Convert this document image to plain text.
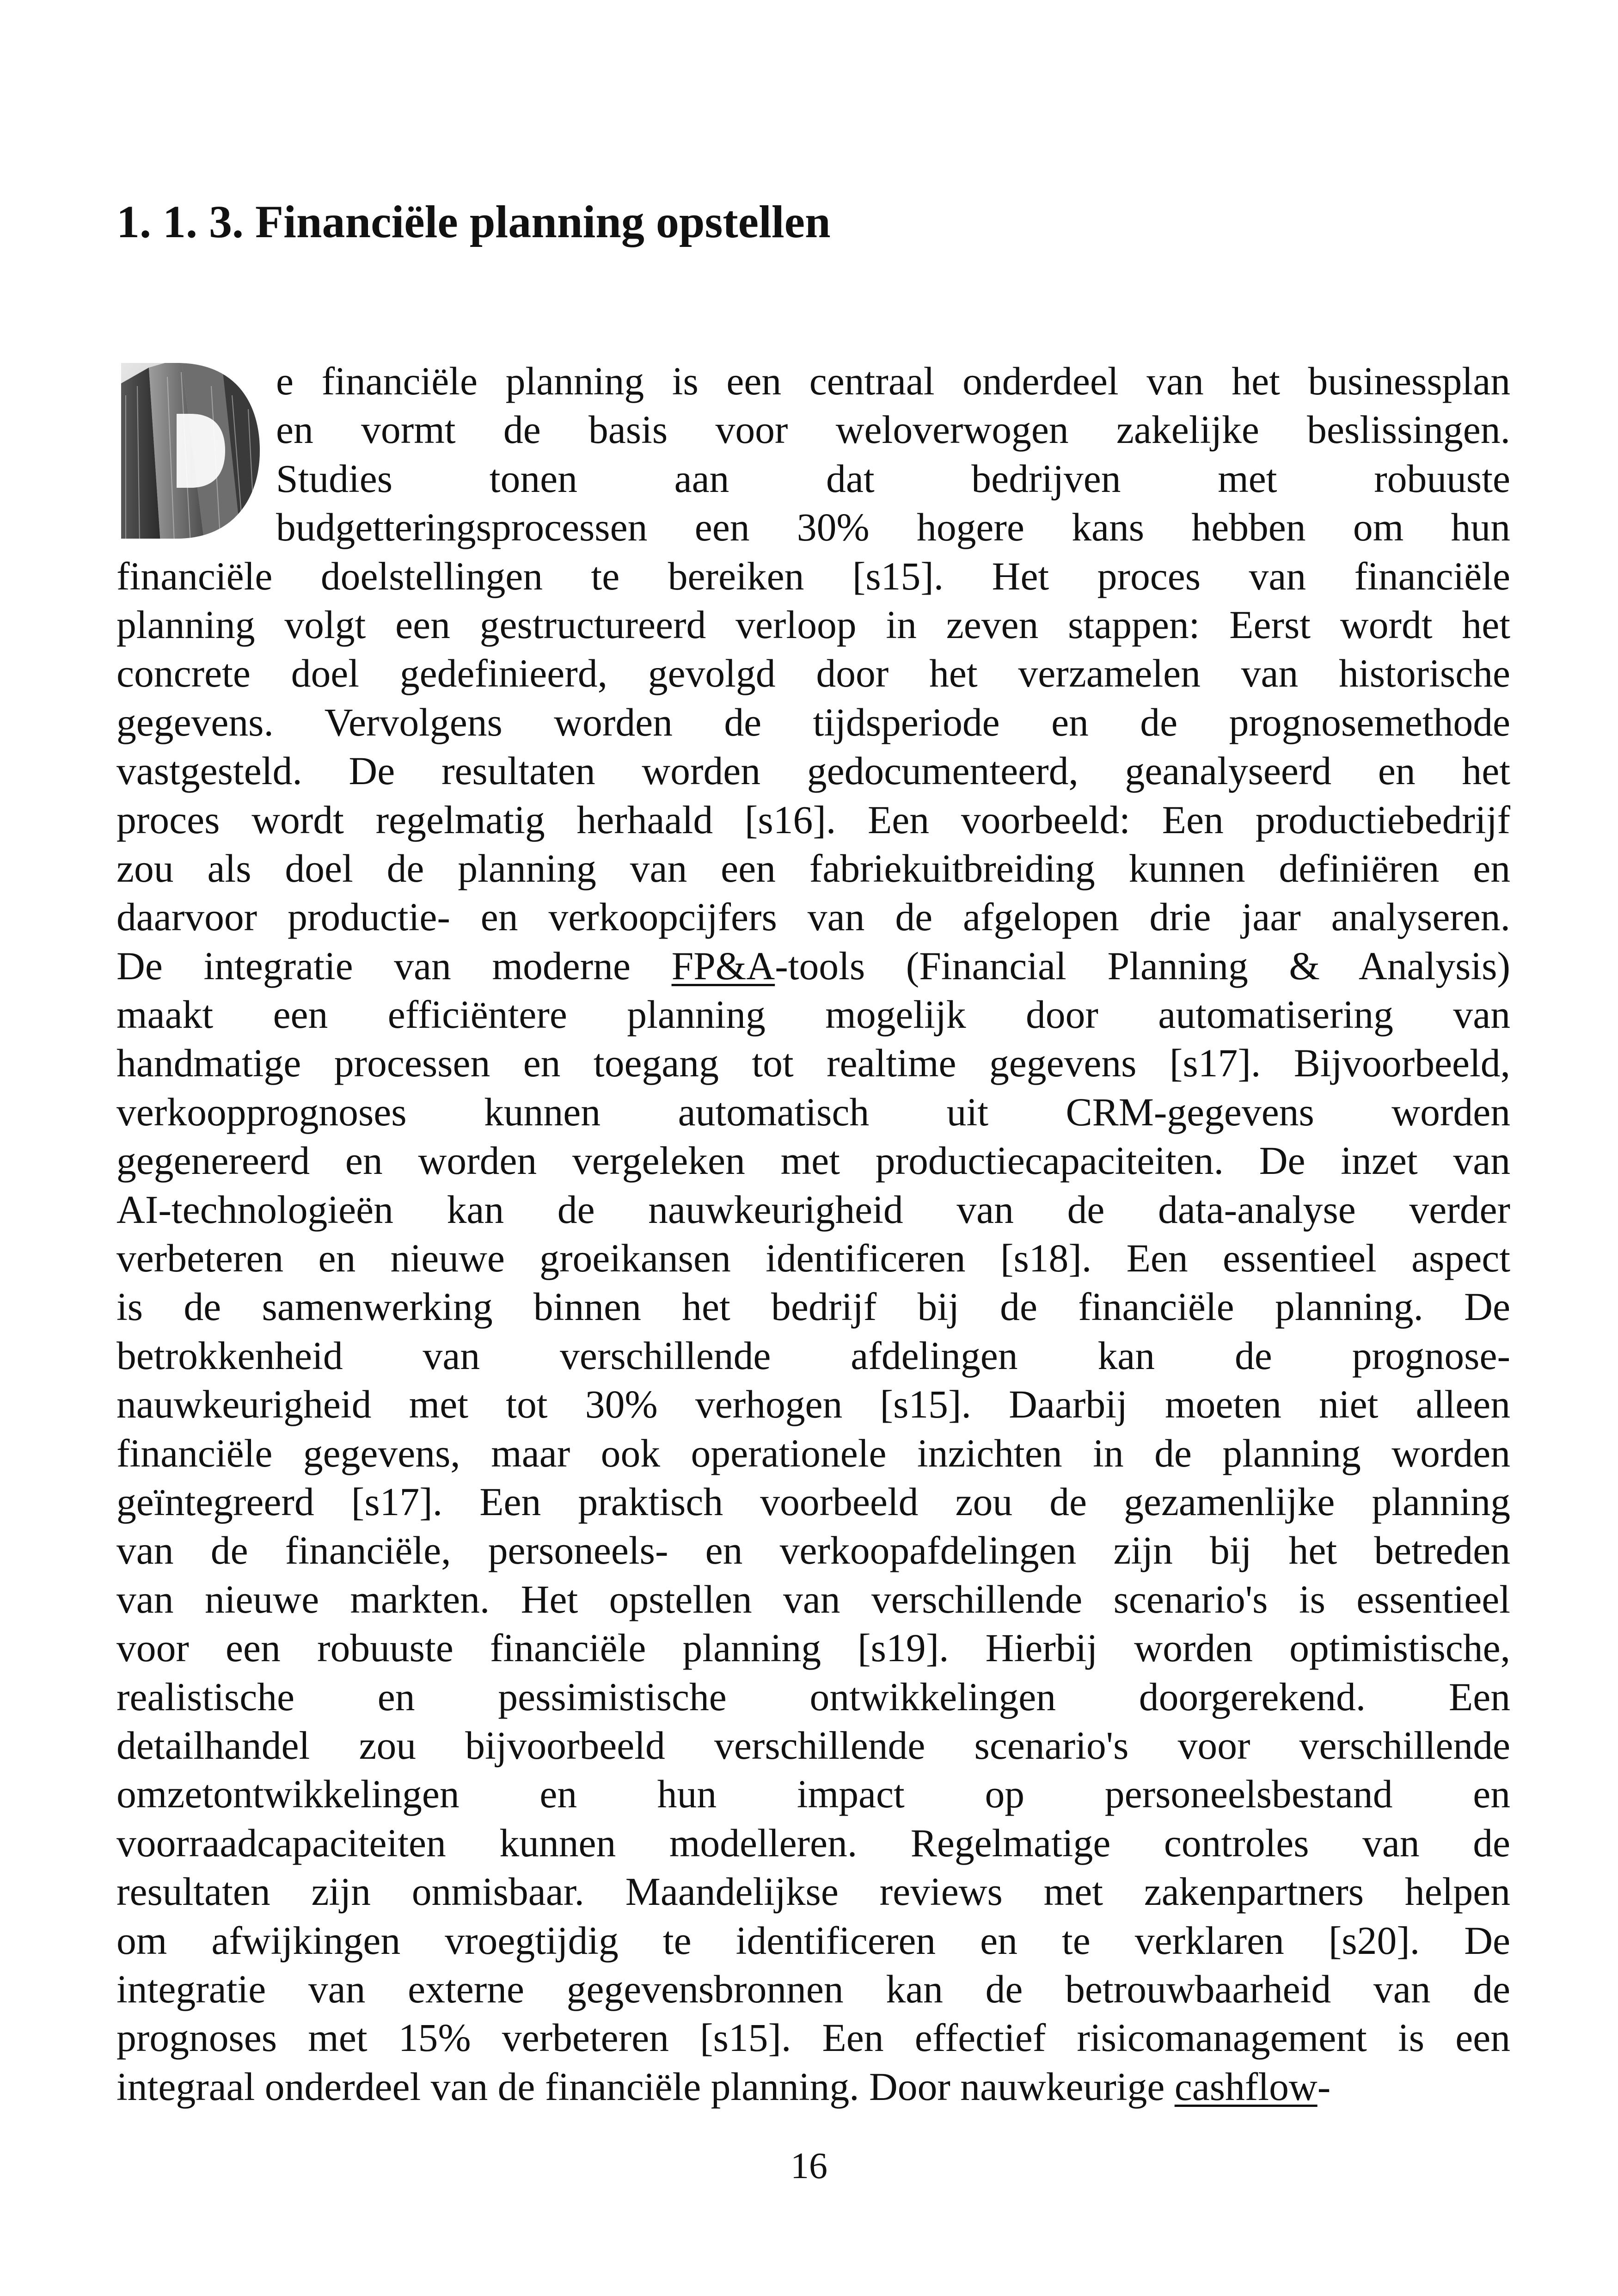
1. 1. 3. Financiële planning opstellen
e financiële planning is een centraal onderdeel van het businessplan
en vormt de basis voor weloverwogen zakelijke beslissingen.
Studies tonen aan dat bedrijven met robuuste
budgetteringsprocessen een 30% hogere kans hebben om hun
financiële doelstellingen te bereiken [s15]. Het proces van financiële
planning volgt een gestructureerd verloop in zeven stappen: Eerst wordt het
concrete doel gedefinieerd, gevolgd door het verzamelen van historische
gegevens. Vervolgens worden de tijdsperiode en de prognosemethode
vastgesteld. De resultaten worden gedocumenteerd, geanalyseerd en het
proces wordt regelmatig herhaald [s16]. Een voorbeeld: Een productiebedrijf
zou als doel de planning van een fabriekuitbreiding kunnen definiëren en
daarvoor productie- en verkoopcijfers van de afgelopen drie jaar analyseren.
De integratie van moderne FP&A-tools (Financial Planning & Analysis)
maakt een efficiëntere planning mogelijk door automatisering van
handmatige processen en toegang tot realtime gegevens [s17]. Bijvoorbeeld,
verkoopprognoses kunnen automatisch uit CRM-gegevens worden
gegenereerd en worden vergeleken met productiecapaciteiten. De inzet van
AI-technologieën kan de nauwkeurigheid van de data-analyse verder
verbeteren en nieuwe groeikansen identificeren [s18]. Een essentieel aspect
is de samenwerking binnen het bedrijf bij de financiële planning. De
betrokkenheid van verschillende afdelingen kan de prognose-
nauwkeurigheid met tot 30% verhogen [s15]. Daarbij moeten niet alleen
financiële gegevens, maar ook operationele inzichten in de planning worden
geïntegreerd [s17]. Een praktisch voorbeeld zou de gezamenlijke planning
van de financiële, personeels- en verkoopafdelingen zijn bij het betreden
van nieuwe markten. Het opstellen van verschillende scenario's is essentieel
voor een robuuste financiële planning [s19]. Hierbij worden optimistische,
realistische en pessimistische ontwikkelingen doorgerekend. Een
detailhandel zou bijvoorbeeld verschillende scenario's voor verschillende
omzetontwikkelingen en hun impact op personeelsbestand en
voorraadcapaciteiten kunnen modelleren. Regelmatige controles van de
resultaten zijn onmisbaar. Maandelijkse reviews met zakenpartners helpen
om afwijkingen vroegtijdig te identificeren en te verklaren [s20]. De
integratie van externe gegevensbronnen kan de betrouwbaarheid van de
prognoses met 15% verbeteren [s15]. Een effectief risicomanagement is een
integraal onderdeel van de financiële planning. Door nauwkeurige cashflow-
16
